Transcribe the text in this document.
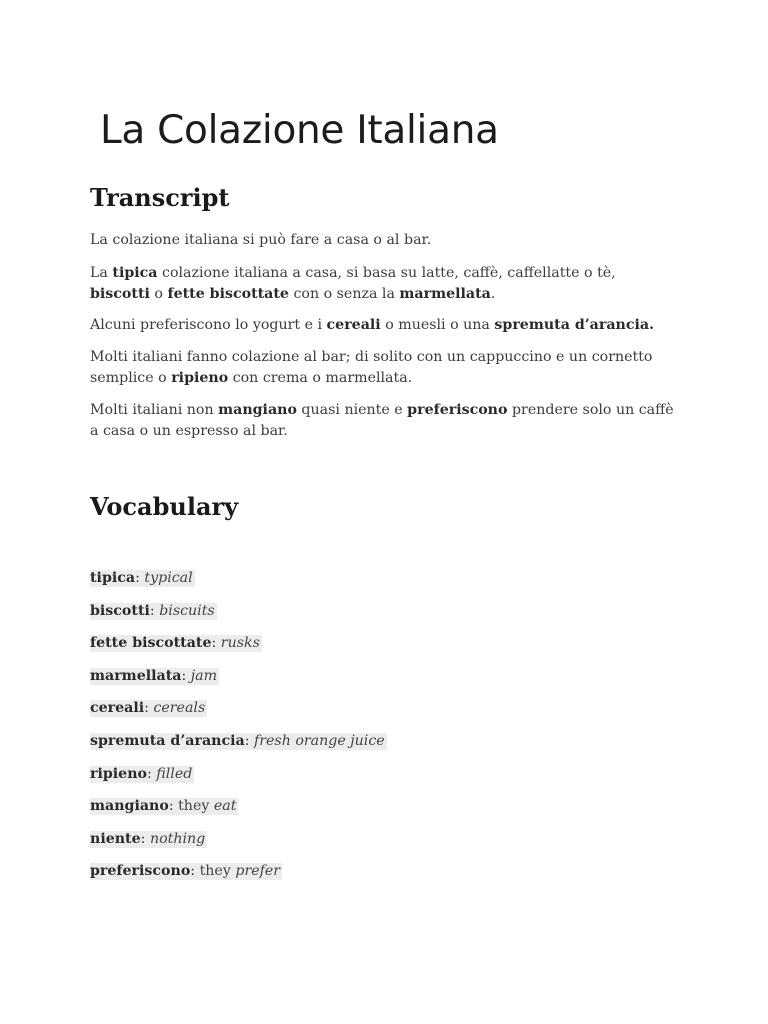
La Colazione Italiana
Transcript

La colazione italiana si può fare a casa o al bar.

La tipica colazione italiana a casa, si basa su latte, caffè, caffellatte o tè, biscotti o fette biscottate con o senza la marmellata.

Alcuni preferiscono lo yogurt e i cereali o muesli o una spremuta d’arancia.

Molti italiani fanno colazione al bar; di solito con un cappuccino e un cornetto semplice o ripieno con crema o marmellata.

Molti italiani non mangiano quasi niente e preferiscono prendere solo un caffè a casa o un espresso al bar.

Vocabulary
tipica: typical
biscotti: biscuits
fette biscottate: rusks
marmellata: jam
cereali: cereals
spremuta d’arancia: fresh orange juice
ripieno: filled
mangiano: they eat
niente: nothing
preferiscono: they prefer
